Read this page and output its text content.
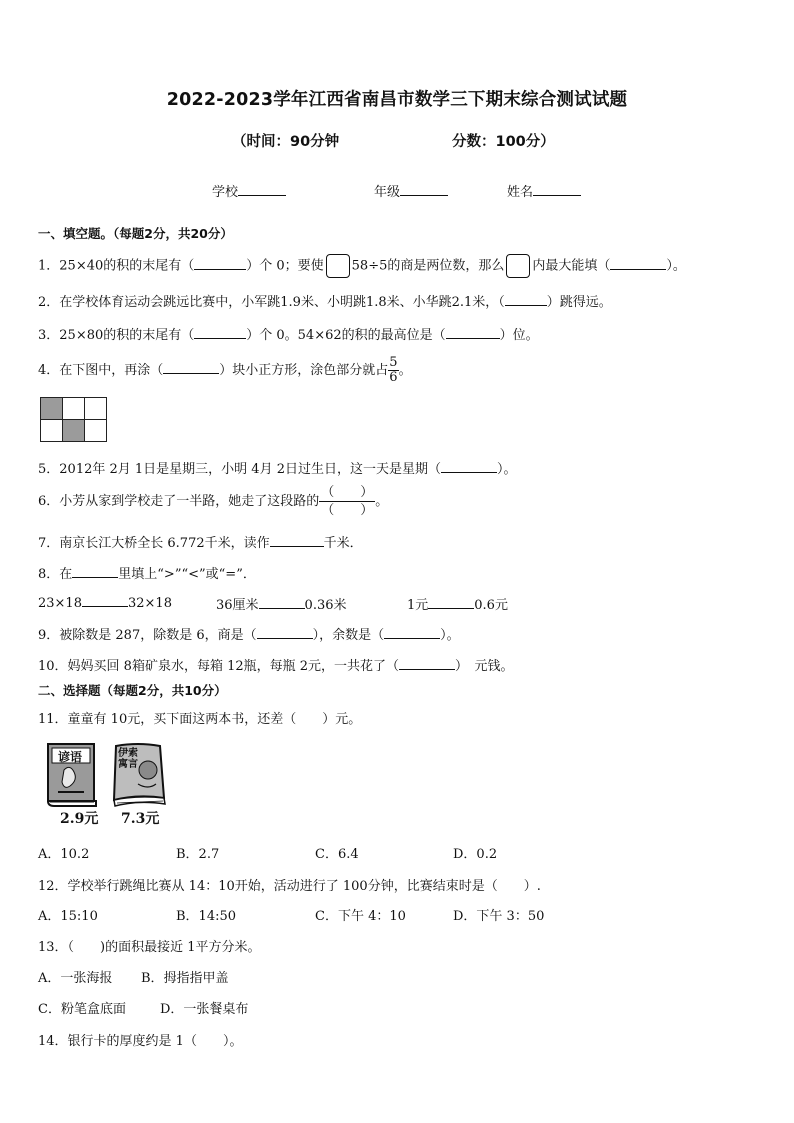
2022-2023学年江西省南昌市数学三下期末综合测试试题
（时间：90分钟	分数：100分）
学校	年级	姓名
一、填空题。（每题2分，共20分）
1．25×40的积的末尾有（	）个 0；要使 58÷5的商是两位数，那么 内最大能填（	）。
2．在学校体育运动会跳远比赛中，小军跳1.9米、小明跳1.8米、小华跳2.1米，（	）跳得远。
3．25×80的积的末尾有（	）个 0。54×62的积的最高位是（	）位。
4．在下图中，再涂（	）块小正方形，涂色部分就占 $\frac{5}{6}$ 。

5．2012年 2月 1日是星期三，小明 4月 2日过生日，这一天是星期（	）。
6．小芳从家到学校走了一半路，她走了这段路的
（　　）
（　　）。
7．南京长江大桥全长 6.772千米，读作	千米．
8．在	里填上“>”“<”或“=”．
23×18	32×18	36厘米	0.36米	1元	0.6元
9．被除数是 287，除数是 6，商是（	），余数是（	）。
10．妈妈买回 8箱矿泉水，每箱 12瓶，每瓶 2元，一共花了（	）　元钱。
二、选择题（每题2分，共10分）
11．童童有 10元，买下面这两本书，还差（　　）元。
谚语
2.9元
伊索寓言
7.3元
A．10.2	B．2.7	C．6.4	D．0.2
12．学校举行跳绳比赛从 14：10开始，活动进行了 100分钟，比赛结束时是（　　）.
A．15:10	B．14:50	C．下午 4：10	D．下午 3：50
13．（　　)的面积最接近 1平方分米。
A．一张海报 B．拇指指甲盖
C．粉笔盒底面	D．一张餐桌布
14．银行卡的厚度约是 1（　　）。
